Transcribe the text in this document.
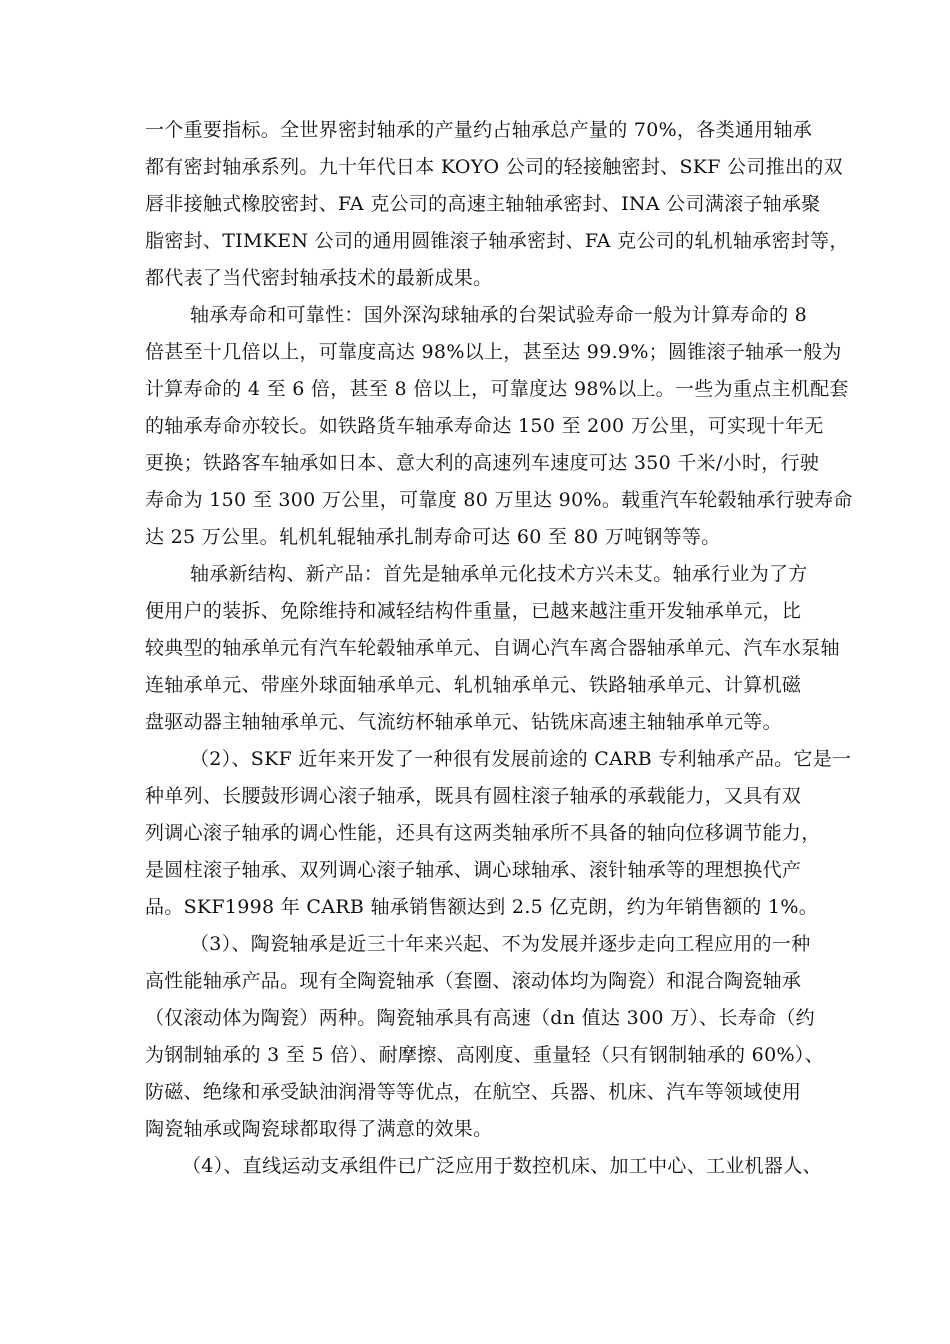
一个重要指标。全世界密封轴承的产量约占轴承总产量的 70%，各类通用轴承
都有密封轴承系列。九十年代日本 KOYO 公司的轻接触密封、SKF 公司推出的双
唇非接触式橡胶密封、FA 克公司的高速主轴轴承密封、INA 公司满滚子轴承聚
脂密封、TIMKEN 公司的通用圆锥滚子轴承密封、FA 克公司的轧机轴承密封等，
都代表了当代密封轴承技术的最新成果。
轴承寿命和可靠性：国外深沟球轴承的台架试验寿命一般为计算寿命的 8
倍甚至十几倍以上，可靠度高达 98%以上，甚至达 99.9%；圆锥滚子轴承一般为
计算寿命的 4 至 6 倍，甚至 8 倍以上，可靠度达 98%以上。一些为重点主机配套
的轴承寿命亦较长。如铁路货车轴承寿命达 150 至 200 万公里，可实现十年无
更换；铁路客车轴承如日本、意大利的高速列车速度可达 350 千米/小时，行驶
寿命为 150 至 300 万公里，可靠度 80 万里达 90%。载重汽车轮毂轴承行驶寿命
达 25 万公里。轧机轧辊轴承扎制寿命可达 60 至 80 万吨钢等等。
轴承新结构、新产品：首先是轴承单元化技术方兴未艾。轴承行业为了方
便用户的装拆、免除维持和减轻结构件重量，已越来越注重开发轴承单元，比
较典型的轴承单元有汽车轮毂轴承单元、自调心汽车离合器轴承单元、汽车水泵轴
连轴承单元、带座外球面轴承单元、轧机轴承单元、铁路轴承单元、计算机磁
盘驱动器主轴轴承单元、气流纺杯轴承单元、钻铣床高速主轴轴承单元等。
（2）、SKF 近年来开发了一种很有发展前途的 CARB 专利轴承产品。它是一
种单列、长腰鼓形调心滚子轴承，既具有圆柱滚子轴承的承载能力，又具有双
列调心滚子轴承的调心性能，还具有这两类轴承所不具备的轴向位移调节能力，
是圆柱滚子轴承、双列调心滚子轴承、调心球轴承、滚针轴承等的理想换代产
品。SKF1998 年 CARB 轴承销售额达到 2.5 亿克朗，约为年销售额的 1%。
（3）、陶瓷轴承是近三十年来兴起、不为发展并逐步走向工程应用的一种
高性能轴承产品。现有全陶瓷轴承（套圈、滚动体均为陶瓷）和混合陶瓷轴承
（仅滚动体为陶瓷）两种。陶瓷轴承具有高速（dn 值达 300 万）、长寿命（约
为钢制轴承的 3 至 5 倍）、耐摩擦、高刚度、重量轻（只有钢制轴承的 60%）、
防磁、绝缘和承受缺油润滑等等优点，在航空、兵器、机床、汽车等领域使用
陶瓷轴承或陶瓷球都取得了满意的效果。
（4）、直线运动支承组件已广泛应用于数控机床、加工中心、工业机器人、
